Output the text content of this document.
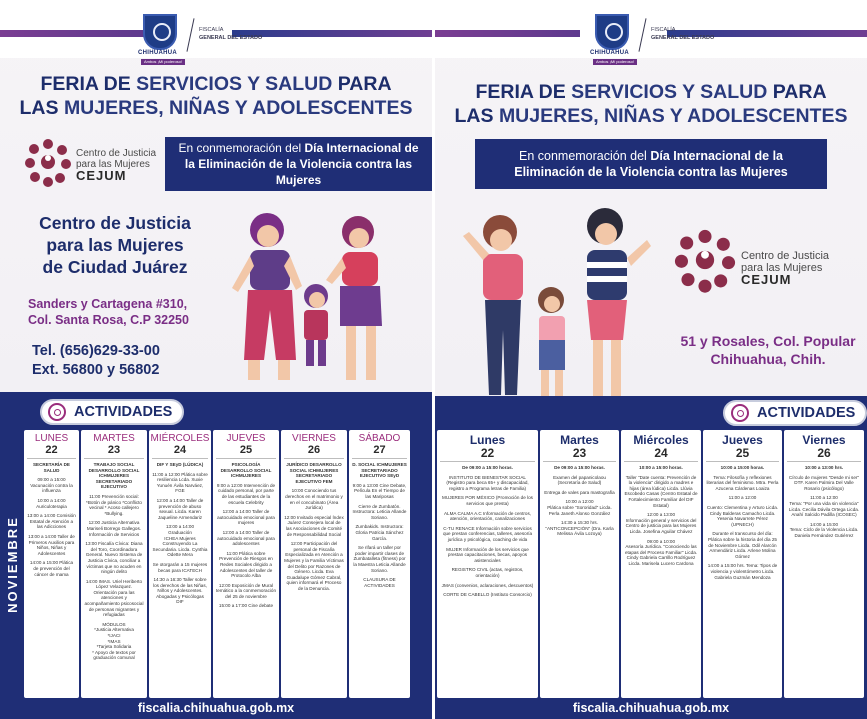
CHIHUAHUA
Ambos ¡Mi poderoso!
FISCALÍA
GENERAL DEL ESTADO
FERIA DE SERVICIOS Y SALUD PARA
LAS MUJERES, NIÑAS Y ADOLESCENTES
Centro de Justicia
para las Mujeres
CEJUM
En conmemoración del Día Internacional de la Eliminación de la Violencia contra las Mujeres
Centro de Justicia
para las Mujeres
de Ciudad Juárez
Sanders y Cartagena #310,
Col. Santa Rosa, C.P 32250
Tel. (656)629-33-00
Ext. 56800 y 56802
ACTIVIDADES
NOVIEMBRE
LUNES
22
SECRETARÍA DE SALUD
09:00 a 15:00
Vacunación contra la influenza
10:00 a 14:00
Auriculoterapia
13:00 a 14:00 Comisión Estatal de Atención a las Adicciones
13:00 a 14:00 Taller de Primeros Auxilios para Niños, Niñas y Adolescentes
14:00 a 15:00 Plática de prevención del cáncer de mama
MARTES
23
TRABAJO SOCIAL DESARROLLO SOCIAL ICHMUJERES SECRETARIADO EJECUTIVO
11:00 Prevención social: *Botón de pánico *Conflicto vecinal * Acoso callejero *Bullying.
12:00 Justicia Alternativa Mariseli Borrego Gallegos. Información de Servicios
13:00 Fiscalía Cívica: Diana del Toro, Coordinadora General. Nuevo Sistema de Justicia Cívica, conciliar a víctimas que no acuden en ningún delito
14:00 IMAS. Uriel Heriberto López Velazquez. Orientación para las atenciones y acompañamiento psicosocial de personas migrantes y refugiadas
MÓDULOS
*Justicia Alternativa
*IJACI
*IMAS
*Tarjeta Solidaria
* Apoyo de textos por graduación comunal
MIÉRCOLES
24
DIF Y SEyD (LÚDICA)
11:00 a 12:00 Plática sobre resiliencia Lcda. Xuxie Yunuén Ávila Narváez, FGE
12:00 a 14:00 Taller de prevención de abuso sexual. Licda. Karen Jaqueline Armendariz
13:00 a 14:00
Graduación
ICHEA Mujeres Construyendo La Secundaria. Licda. Cynthia Odette Mera
Se otorgarán a 15 mujeres becas para ICATECH
14:30 a 16:30 Taller sobre los derechos de las Niñas, Niños y Adolescentes. Abogadas y Psicólogas DIF
JUEVES
25
PSICOLOGÍA DESARROLLO SOCIAL ICHMUJERES
9:00 a 12:00 Intervención de cuidado personal, por parte de las estudiantes de la escuela Celebrity
12:00 a 14:00 Taller de autocuidado emocional para mujeres
12:00 a 14:00 Taller de autocuidado emocional para adolescentes
11:00 Plática sobre Prevención de Riesgos en Redes Sociales dirigido a Adolescentes del taller de Protocolo Alba
12:00 Exposición de Mural temático a la conmemoración del 25 de noviembre
15:00 a 17:00 Cine debate
VIERNES
26
JURÍDICO DESARROLLO SOCIAL ICHMUJERES SECRETARIADO EJECUTIVO FEM
10:00 Conociendo tus derechos en el matrimonio y en el concubinato (Área Jurídica)
12:00 Invitado especial Índex Juárez Consejera local de las Asociaciones de Comité de Responsabilidad Social
12:00 Participación del personal de Fiscalía Especializada en Atención a Mujeres y la Familia Víctimas del Delito por Razones de Género. Licda. Eva Guadalupe Gómez Cabral, quien informará el Proceso de la Denuncia.
SÁBADO
27
D. SOCIAL ICHMUJERES SECRETARIADO EJECUTIVO SEyD
9:00 a 13:00 Cine Debate, Película En el Tiempo de las Mariposas
Cierre de Zumbatón. Instructora: Leticia Allande Soriano.
Zumbakids. Instructora: Gloria Patricia Sánchez García.
Se rifará un taller por poder impartir clases de Zumbatalleta (fitness) por la Maestra Leticia Allande Soriano.
CLAUSURA DE ACTIVIDADES
fiscalia.chihuahua.gob.mx
CHIHUAHUA
Ambos ¡Mi poderoso!
FISCALÍA
GENERAL DEL ESTADO
FERIA DE SERVICIOS Y SALUD PARA
LAS MUJERES, NIÑAS Y ADOLESCENTES
En conmemoración del Día Internacional de la Eliminación de la Violencia contra las Mujeres
Centro de Justicia
para las Mujeres
CEJUM
51 y Rosales, Col. Popular
Chihuahua, Chih.
ACTIVIDADES
Lunes
22
De 09:00 a 15:00 horas.
INSTITUTO DE BIENESTAR SOCIAL (Registro para beca 65+ y discapacidad, registro a Programa letras de Familia)
MUJERES POR MÉXICO (Promoción de los servicios que presta)
ALMA CALMA A.C Información de centros, atención, orientación, canalizaciones
C-TU RENACE Información sobre servicios que prestan conferencias, talleres, asesoría jurídica y psicológica, coaching de vida
MUJER Información de los servicios que prestan capacitaciones, becas, apoyos asistenciales
REGISTRO CIVIL (actas, registros, orientación)
JMAS (convenios, aclaraciones, descuentos)
CORTE DE CABELLO (Instituto Consorcio)
Martes
23
De 09:00 a 15:00 horas.
Examen del papanicolaou (Secretaría de Salud)
Entrega de vales para mastografía
10:00 a 12:00
Plática sobre "Sororidad" Licda. Perla Janeth Alonso González
14:30 a 15:30 hrs. "ANTICONCEPCIÓN" (Dra. Karla Melissa Ávila Lozoya)
Miércoles
24
10:00 a 15:00 horas.
Taller "Date cuenta: Prevención de la violencia" dirigido a madres e hijas (área lúdica) Licda. Llúvia Escobedo Casas (Centro Estatal de Fortalecimiento Familiar del DIF Estatal)
12:00 a 13:00
Información general y servicios del Centro de justicia para las Mujeres Licda. Josefina Aguilar Chávez
09:00 a 10:00
Asesoría Jurídica. "Conociendo las etapas del Proceso Familiar" Licda. Cindy Gabriela Carrillo Rodríguez Licda. Marisela Lucero Cardona
Jueves
25
10:00 a 15:00 horas.
Tema: Filosofía y reflexiones literarias del feminismo. Mtra. Perla Azucena Cárdenas Loaiza
11:00 a 12:00
Cuento: Clementina y Arturo Licda. Cindy Balderas Camacho Licda. Yesenia Navarrete Pérez (UPNECH)
Durante el transcurso del día: Plática sobre la historia del día 25 de Noviembre Licda. Odil Alarcón Armendáriz Licda. Arlene Molina Gómez
14:00 a 15:00 hrs. Tema: Tipos de violencia y violentómetro Licda. Gabriela Guzmán Mendoza
Viernes
26
10:00 a 13:00 hrs.
Círculo de mujeres "Desde mi ser" DTF. Karen Palmira Del Valle Rosario (psicólogo)
11:00 a 12:00
Tema: "Por una vida sin violencia" Licda. Cecilia Dávila Ortega Licda. Anahí Salcido Padilla (ICOSEC)
14:00 a 15:00
Tema: Ciclo de la Violencia Licda. Daniela Fernández Gutiérrez
fiscalia.chihuahua.gob.mx
